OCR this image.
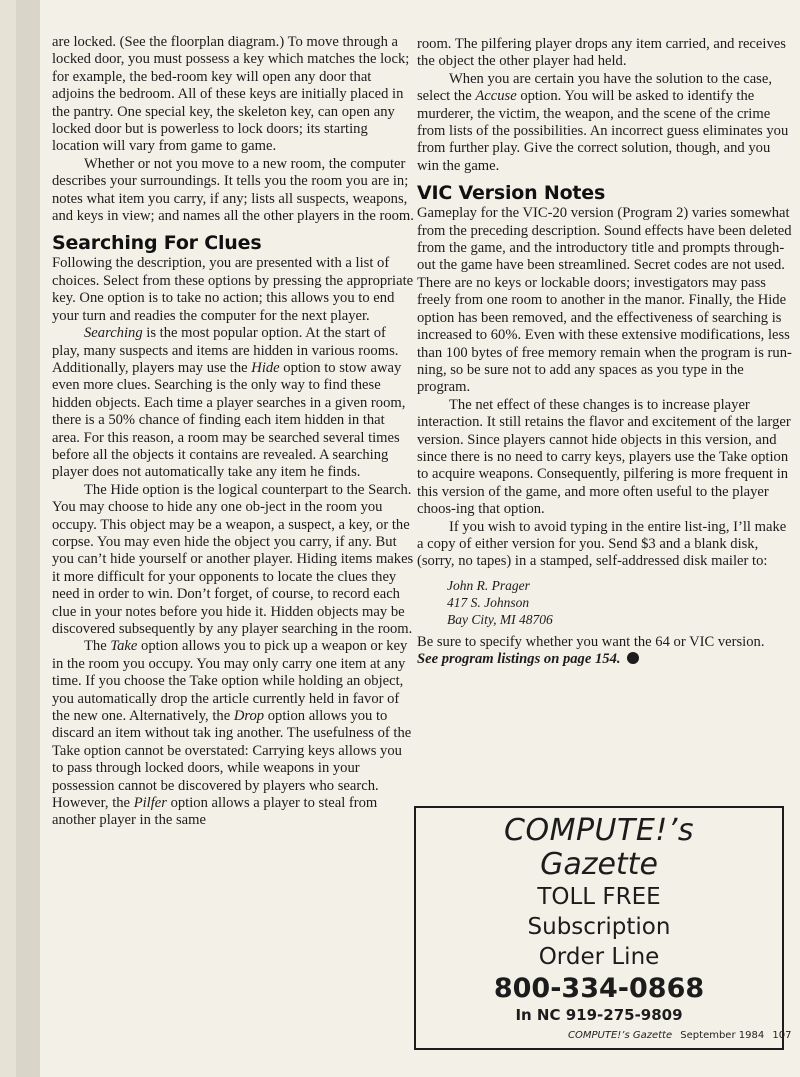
are locked. (See the floorplan diagram.) To move through a locked door, you must possess a key which matches the lock; for example, the bed-room key will open any door that adjoins the bedroom. All of these keys are initially placed in the pantry. One special key, the skeleton key, can open any locked door but is powerless to lock doors; its starting location will vary from game to game.

Whether or not you move to a new room, the computer describes your surroundings. It tells you the room you are in; notes what item you carry, if any; lists all suspects, weapons, and keys in view; and names all the other players in the room.

Searching For Clues

Following the description, you are presented with a list of choices. Select from these options by pressing the appropriate key. One option is to take no action; this allows you to end your turn and readies the computer for the next player.

Searching is the most popular option. At the start of play, many suspects and items are hidden in various rooms. Additionally, players may use the Hide option to stow away even more clues. Searching is the only way to find these hidden objects. Each time a player searches in a given room, there is a 50% chance of finding each item hidden in that area. For this reason, a room may be searched several times before all the objects it contains are revealed. A searching player does not automatically take any item he finds.

The Hide option is the logical counterpart to the Search. You may choose to hide any one ob-ject in the room you occupy. This object may be a weapon, a suspect, a key, or the corpse. You may even hide the object you carry, if any. But you can’t hide yourself or another player. Hiding items makes it more difficult for your opponents to locate the clues they need in order to win. Don’t forget, of course, to record each clue in your notes before you hide it. Hidden objects may be discovered subsequently by any player searching in the room.

The Take option allows you to pick up a weapon or key in the room you occupy. You may only carry one item at any time. If you choose the Take option while holding an object, you automatically drop the article currently held in favor of the new one. Alternatively, the Drop option allows you to discard an item without tak ing another. The usefulness of the Take option cannot be overstated: Carrying keys allows you to pass through locked doors, while weapons in your possession cannot be discovered by players who search. However, the Pilfer option allows a player to steal from another player in the same

room. The pilfering player drops any item carried, and receives the object the other player had held.

When you are certain you have the solution to the case, select the Accuse option. You will be asked to identify the murderer, the victim, the weapon, and the scene of the crime from lists of the possibilities. An incorrect guess eliminates you from further play. Give the correct solution, though, and you win the game.

VIC Version Notes

Gameplay for the VIC-20 version (Program 2) varies somewhat from the preceding description. Sound effects have been deleted from the game, and the introductory title and prompts through-out the game have been streamlined. Secret codes are not used. There are no keys or lockable doors; investigators may pass freely from one room to another in the manor. Finally, the Hide option has been removed, and the effectiveness of searching is increased to 60%. Even with these extensive modifications, less than 100 bytes of free memory remain when the program is run-ning, so be sure not to add any spaces as you type in the program.

The net effect of these changes is to increase player interaction. It still retains the flavor and excitement of the larger version. Since players cannot hide objects in this version, and since there is no need to carry keys, players use the Take option to acquire weapons. Consequently, pilfering is more frequent in this version of the game, and more often useful to the player choos-ing that option.

If you wish to avoid typing in the entire list-ing, I’ll make a copy of either version for you. Send $3 and a blank disk, (sorry, no tapes) in a stamped, self-addressed disk mailer to:

John R. Prager
417 S. Johnson
Bay City, MI 48706

Be sure to specify whether you want the 64 or VIC version.

See program listings on page 154.

COMPUTE!’s
Gazette
TOLL FREE
Subscription
Order Line
800-334-0868
In NC 919-275-9809
COMPUTE!’s Gazette September 1984 107
